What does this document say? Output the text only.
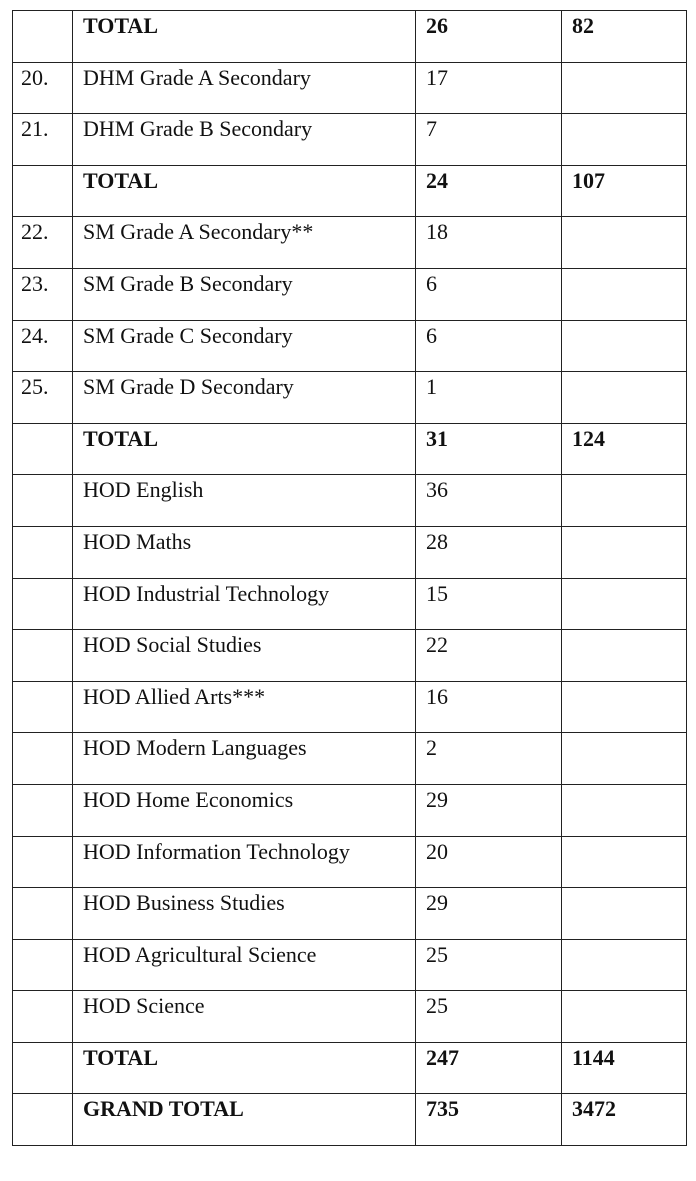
	TOTAL	26	82
20.	DHM Grade A Secondary	17	
21.	DHM Grade B Secondary	7	
	TOTAL	24	107
22.	SM Grade A Secondary**	18	
23.	SM Grade B Secondary	6	
24.	SM Grade C Secondary	6	
25.	SM Grade D Secondary	1	
	TOTAL	31	124
	HOD English	36	
	HOD Maths	28	
	HOD Industrial Technology	15	
	HOD Social Studies	22	
	HOD Allied Arts***	16	
	HOD Modern Languages	2	
	HOD Home Economics	29	
	HOD Information Technology	20	
	HOD Business Studies	29	
	HOD Agricultural Science	25	
	HOD Science	25	
	TOTAL	247	1144
	GRAND TOTAL	735	3472
